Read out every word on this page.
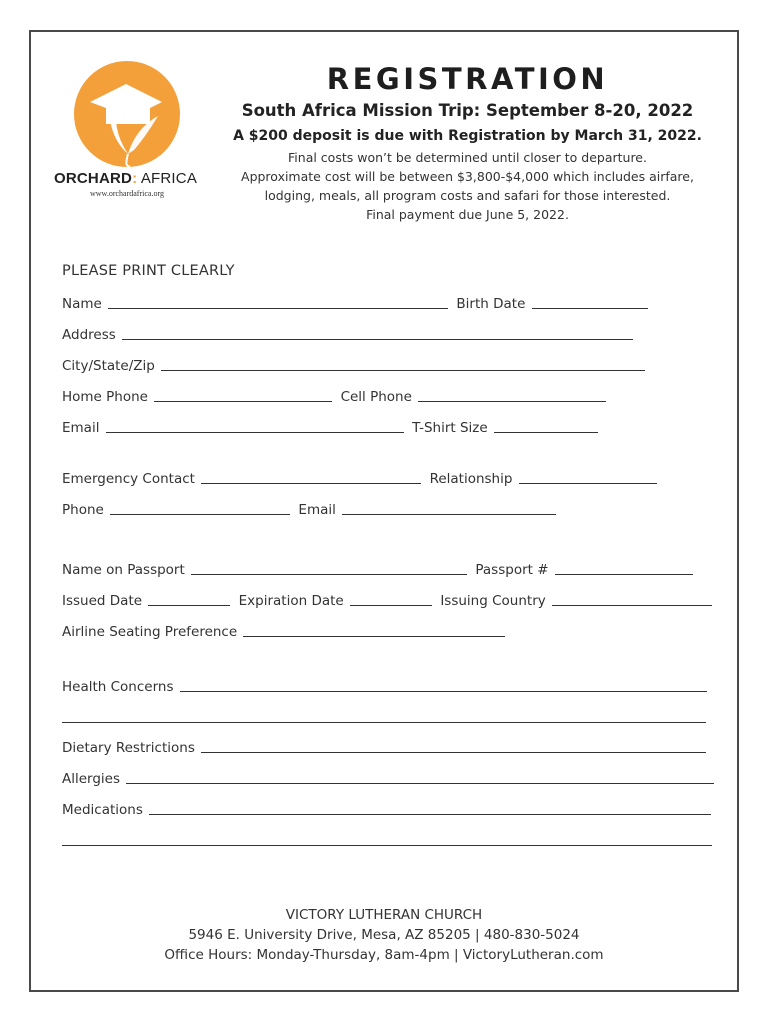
ORCHARD: AFRICA
www.orchardafrica.org
REGISTRATION
South Africa Mission Trip: September 8-20, 2022
A $200 deposit is due with Registration by March 31, 2022.
Final costs won’t be determined until closer to departure.
Approximate cost will be between $3,800-$4,000 which includes airfare,
lodging, meals, all program costs and safari for those interested.
Final payment due June 5, 2022.
PLEASE PRINT CLEARLY
Name	Birth Date
Address
City/State/Zip
Home Phone	Cell Phone
Email	T-Shirt Size
Emergency Contact	Relationship
Phone	Email
Name on Passport	Passport #
Issued Date	Expiration Date	Issuing Country
Airline Seating Preference
Health Concerns
Dietary Restrictions
Allergies
Medications
VICTORY LUTHERAN CHURCH
5946 E. University Drive, Mesa, AZ 85205 | 480-830-5024
Office Hours: Monday-Thursday, 8am-4pm | VictoryLutheran.com
